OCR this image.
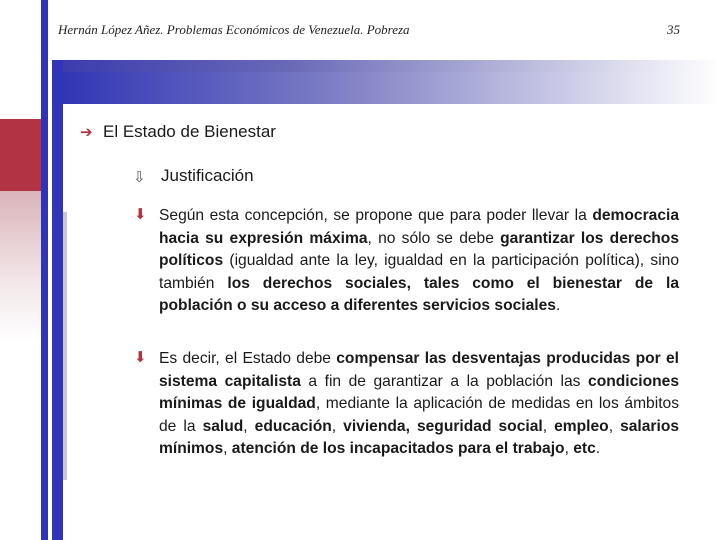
Hernán López Añez. Problemas Económicos de Venezuela. Pobreza	35
➔ El Estado de Bienestar
⇩ Justificación
⬇ Según esta concepción, se propone que para poder llevar la democracia hacia su expresión máxima, no sólo se debe garantizar los derechos políticos (igualdad ante la ley, igualdad en la participación política), sino también los derechos sociales, tales como el bienestar de la población o su acceso a diferentes servicios sociales.

⬇ Es decir, el Estado debe compensar las desventajas producidas por el sistema capitalista a fin de garantizar a la población las condiciones mínimas de igualdad, mediante la aplicación de medidas en los ámbitos de la salud, educación, vivienda, seguridad social, empleo, salarios mínimos, atención de los incapacitados para el trabajo, etc.
